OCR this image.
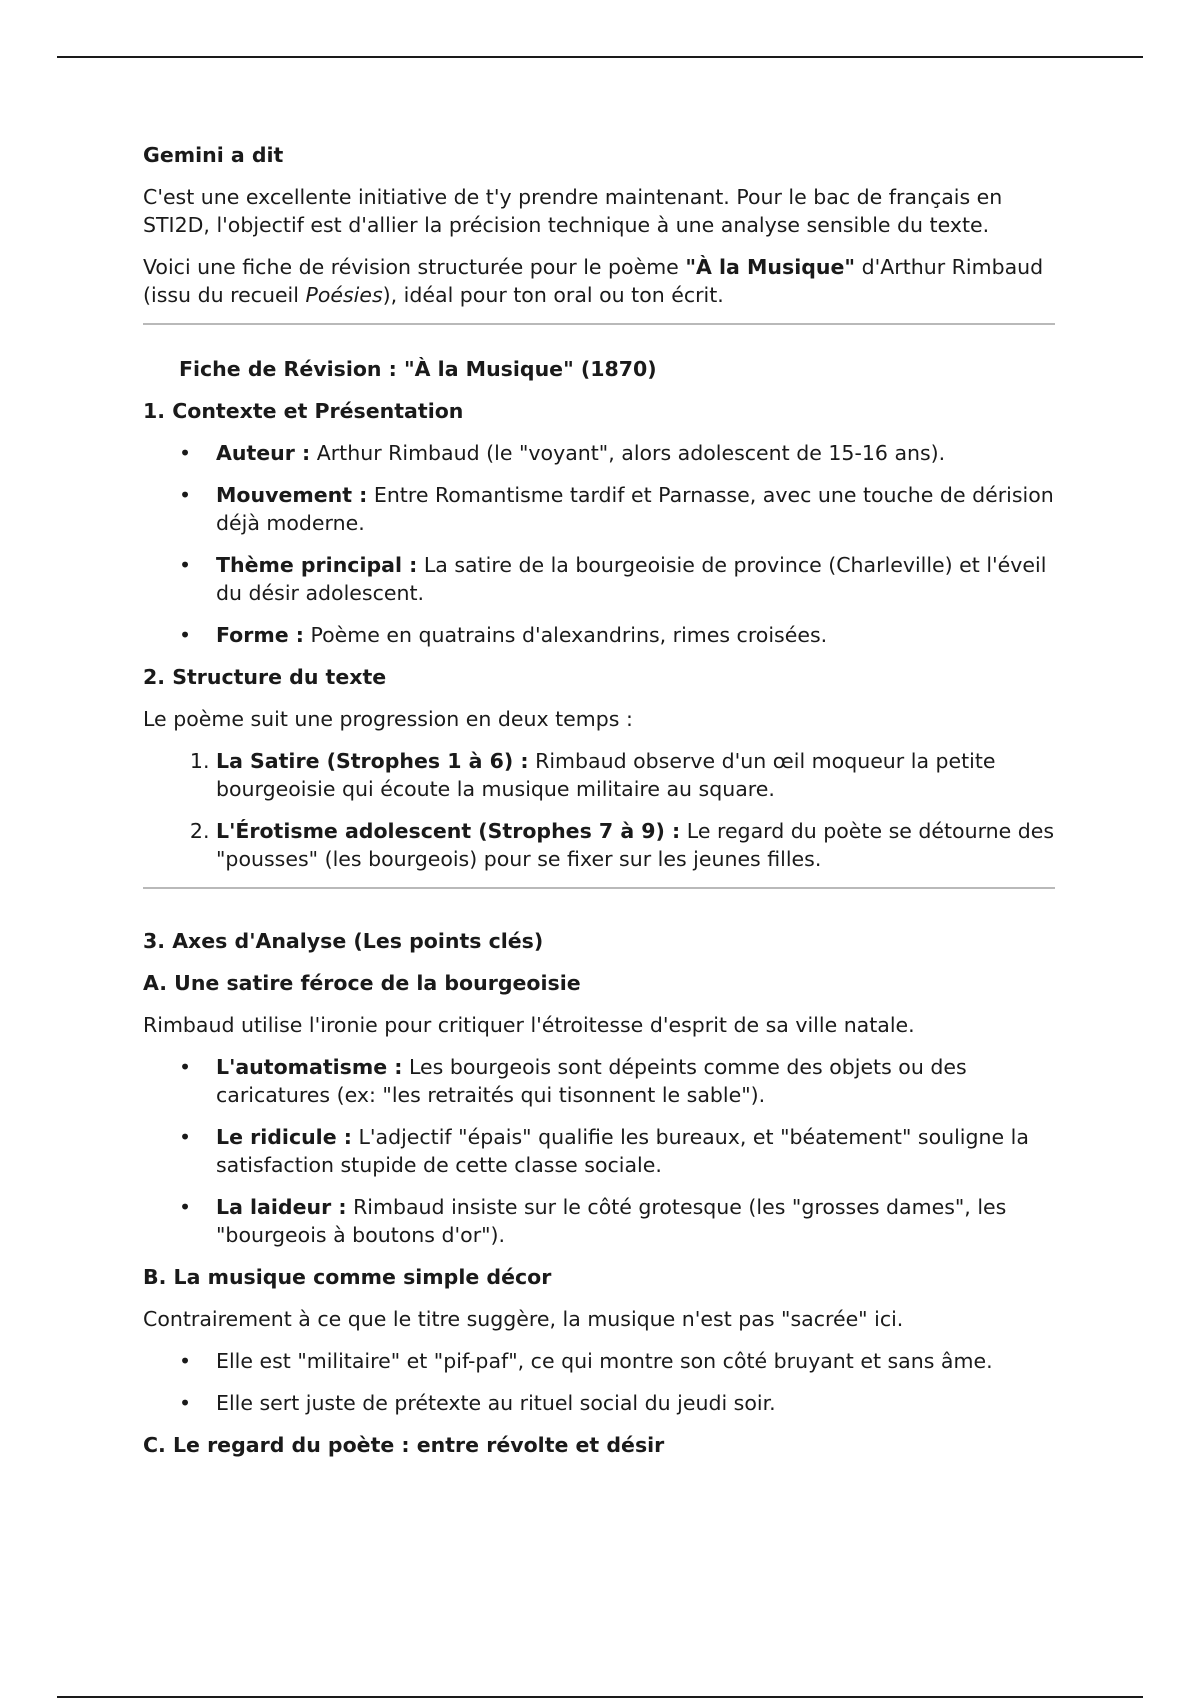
Gemini a dit

C'est une excellente initiative de t'y prendre maintenant. Pour le bac de français en STI2D, l'objectif est d'allier la précision technique à une analyse sensible du texte.

Voici une fiche de révision structurée pour le poème "À la Musique" d'Arthur Rimbaud (issu du recueil Poésies), idéal pour ton oral ou ton écrit.

Fiche de Révision : "À la Musique" (1870)
1. Contexte et Présentation
• Auteur : Arthur Rimbaud (le "voyant", alors adolescent de 15-16 ans).
• Mouvement : Entre Romantisme tardif et Parnasse, avec une touche de dérision déjà moderne.
• Thème principal : La satire de la bourgeoisie de province (Charleville) et l'éveil du désir adolescent.
• Forme : Poème en quatrains d'alexandrins, rimes croisées.
2. Structure du texte

Le poème suit une progression en deux temps :

1. La Satire (Strophes 1 à 6) : Rimbaud observe d'un œil moqueur la petite bourgeoisie qui écoute la musique militaire au square.
2. L'Érotisme adolescent (Strophes 7 à 9) : Le regard du poète se détourne des "pousses" (les bourgeois) pour se fixer sur les jeunes filles.
3. Axes d'Analyse (Les points clés)
A. Une satire féroce de la bourgeoisie

Rimbaud utilise l'ironie pour critiquer l'étroitesse d'esprit de sa ville natale.

• L'automatisme : Les bourgeois sont dépeints comme des objets ou des caricatures (ex: "les retraités qui tisonnent le sable").
• Le ridicule : L'adjectif "épais" qualifie les bureaux, et "béatement" souligne la satisfaction stupide de cette classe sociale.
• La laideur : Rimbaud insiste sur le côté grotesque (les "grosses dames", les "bourgeois à boutons d'or").
B. La musique comme simple décor

Contrairement à ce que le titre suggère, la musique n'est pas "sacrée" ici.

• Elle est "militaire" et "pif-paf", ce qui montre son côté bruyant et sans âme.
• Elle sert juste de prétexte au rituel social du jeudi soir.
C. Le regard du poète : entre révolte et désir
